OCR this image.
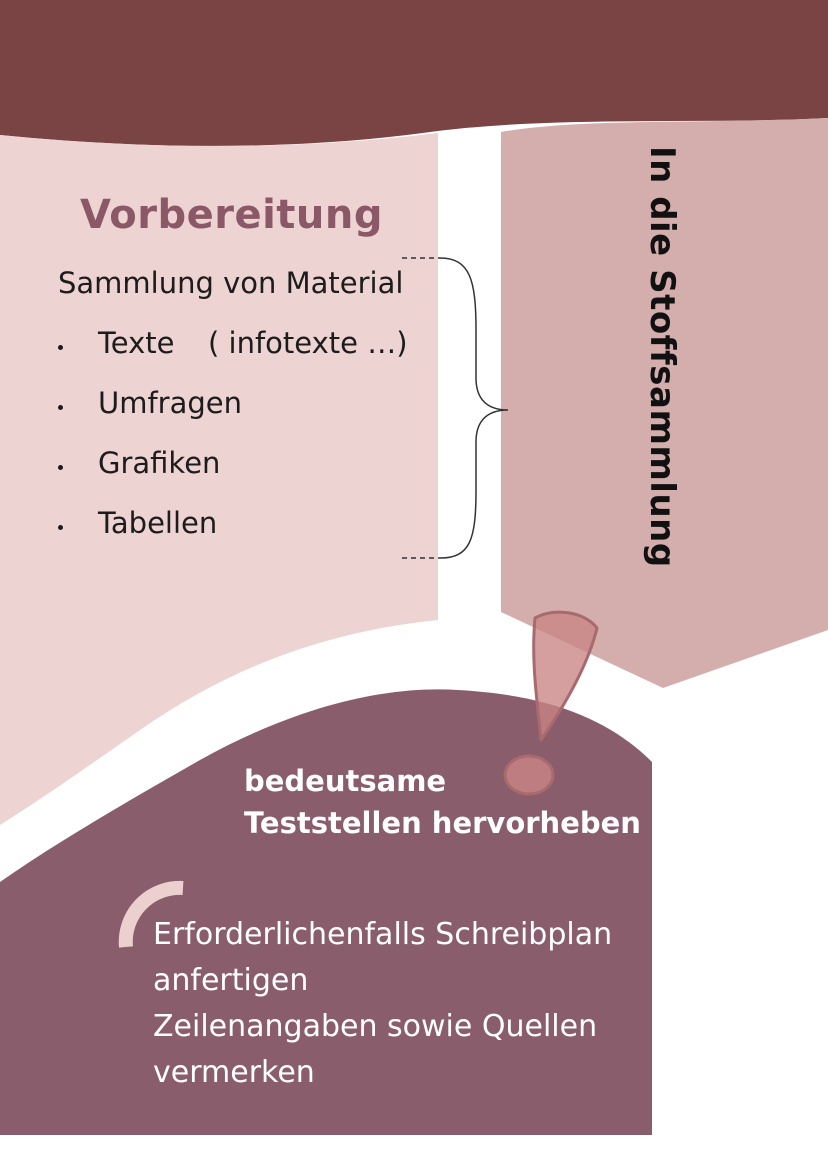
Vorbereitung

Sammlung von Material

Texte ( infotexte …)
Umfragen
Grafiken
Tabellen	In die Stoffsammlung
bedeutsame
Teststellen hervorheben
Erforderlichenfalls Schreibplan
anfertigen
Zeilenangaben sowie Quellen
vermerken
